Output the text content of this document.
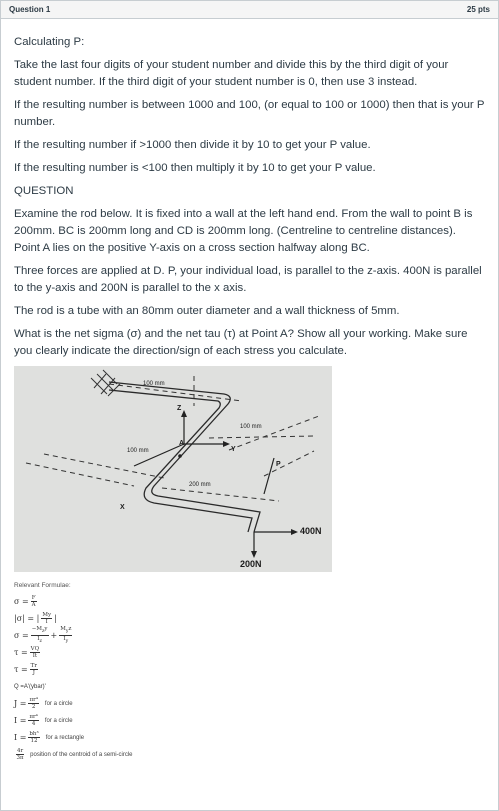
Question 1	25 pts

Calculating P:

Take the last four digits of your student number and divide this by the third digit of your student number. If the third digit of your student number is 0, then use 3 instead.

If the resulting number is between 1000 and 100, (or equal to 100 or 1000) then that is your P number.

If the resulting number if >1000 then divide it by 10 to get your P value.

If the resulting number is <100 then multiply it by 10 to get your P value.

QUESTION

Examine the rod below. It is fixed into a wall at the left hand end. From the wall to point B is 200mm. BC is 200mm long and CD is 200mm long. (Centreline to centreline distances). Point A lies on the positive Y-axis on a cross section halfway along BC.

Three forces are applied at D. P, your individual load, is parallel to the z-axis. 400N is parallel to the y-axis and 200N is parallel to the x axis.

The rod is a tube with an 80mm outer diameter and a wall thickness of 5mm.

What is the net sigma (σ) and the net tau (τ) at Point A? Show all your working. Make sure you clearly indicate the direction/sign of each stress you calculate.

100 mm
100 mm
100 mm
200 mm
Z
Y
X
A
P
400N
200N
Relevant Formulae:
$\sigma = \frac{F}{A}$
|σ| = | $\frac{My}{I}$ |
$\sigma = \frac{-M_zy}{I_z} + \frac{M_yz}{I_y}$
$\tau = \frac{VQ}{It}$
$\tau = \frac{Tr}{J}$
Q =A'(ybar)'
$J = \frac{\text{πr⁴}}{2}$ for a circle
$I = \frac{\text{πr⁴}}{4}$ for a circle
$I = \frac{\text{bh³}}{12}$ for a rectangle
$\frac{4r}{3\pi}$ position of the centroid of a semi-circle
